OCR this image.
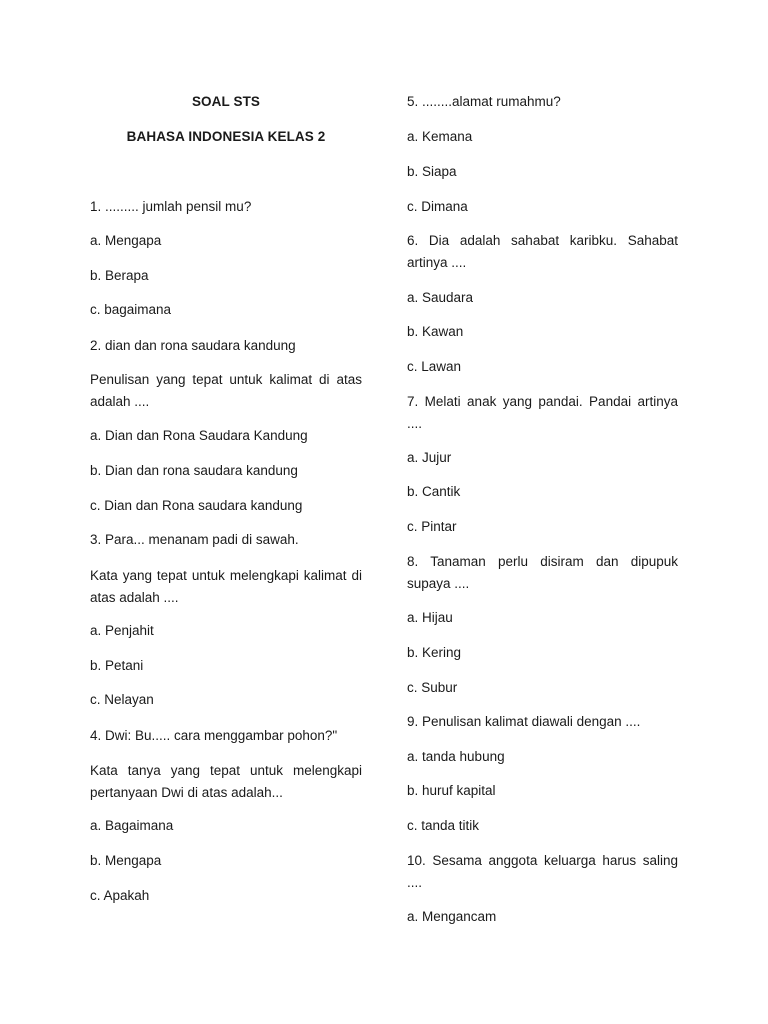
SOAL STS
BAHASA INDONESIA KELAS 2
1. ......... jumlah pensil mu?
a. Mengapa
b. Berapa
c. bagaimana
2. dian dan rona saudara kandung
Penulisan yang tepat untuk kalimat di atas adalah ....
a. Dian dan Rona Saudara Kandung
b. Dian dan rona saudara kandung
c. Dian dan Rona saudara kandung
3. Para... menanam padi di sawah.
Kata yang tepat untuk melengkapi kalimat di atas adalah ....
a. Penjahit
b. Petani
c. Nelayan
4. Dwi: Bu..... cara menggambar pohon?"
Kata tanya yang tepat untuk melengkapi pertanyaan Dwi di atas adalah...
a. Bagaimana
b. Mengapa
c. Apakah
5. ........alamat rumahmu?
a. Kemana
b. Siapa
c. Dimana
6. Dia adalah sahabat karibku. Sahabat artinya ....
a. Saudara
b. Kawan
c. Lawan
7. Melati anak yang pandai. Pandai artinya ....
a. Jujur
b. Cantik
c. Pintar
8. Tanaman perlu disiram dan dipupuk supaya ....
a. Hijau
b. Kering
c. Subur
9. Penulisan kalimat diawali dengan ....
a. tanda hubung
b. huruf kapital
c. tanda titik
10. Sesama anggota keluarga harus saling ....
a. Mengancam
